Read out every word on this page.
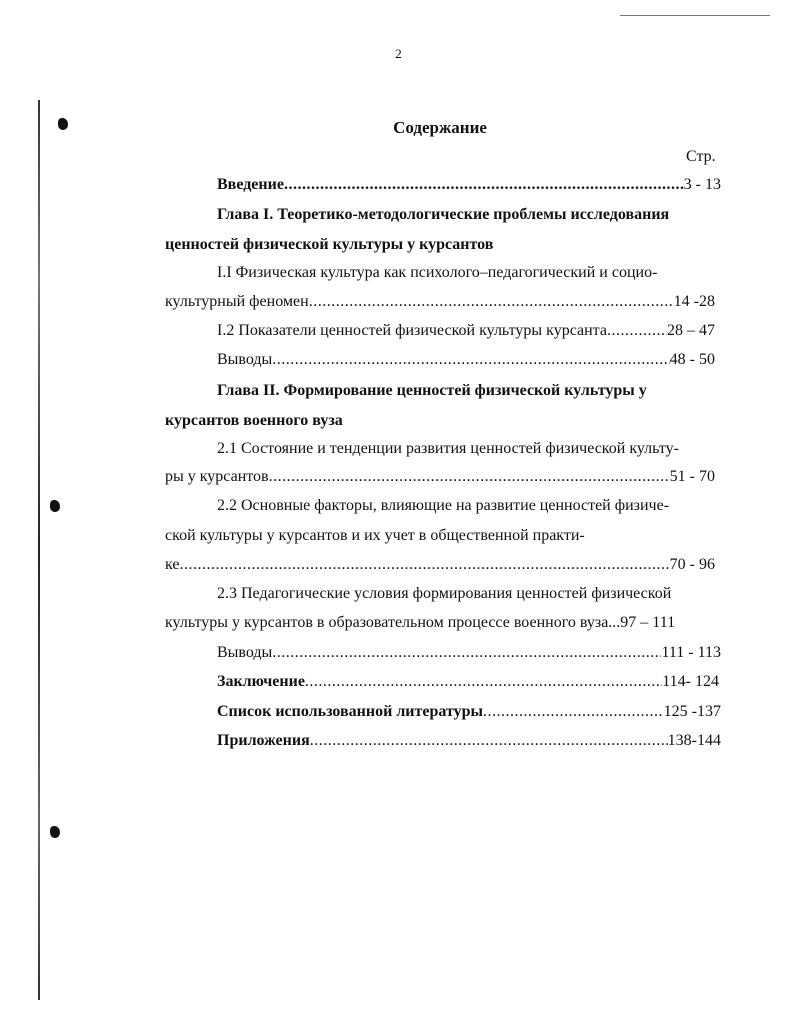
2
Содержание
Стр.
Введение .....	3 - 13
Глава I. Теоретико-методологические проблемы исследования
ценностей физической культуры у курсантов
I.I Физическая культура как психолого–педагогический и социо-
культурный феномен .....	14 -28
I.2 Показатели ценностей физической культуры курсанта .....	28 – 47
Выводы .....	48 - 50
Глава II. Формирование ценностей физической культуры у
курсантов военного вуза
2.1 Состояние и тенденции развития ценностей физической культу-
ры у курсантов .....	51 - 70
2.2 Основные факторы, влияющие на развитие ценностей физиче-
ской культуры у курсантов и их учет в общественной практи-
ке .....	70 - 96
2.3 Педагогические условия формирования ценностей физической
культуры у курсантов в образовательном процессе военного вуза...97 – 111
Выводы .....	111 - 113
Заключение .....	114- 124
Список использованной литературы .....	125 -137
Приложения .....	138-144
